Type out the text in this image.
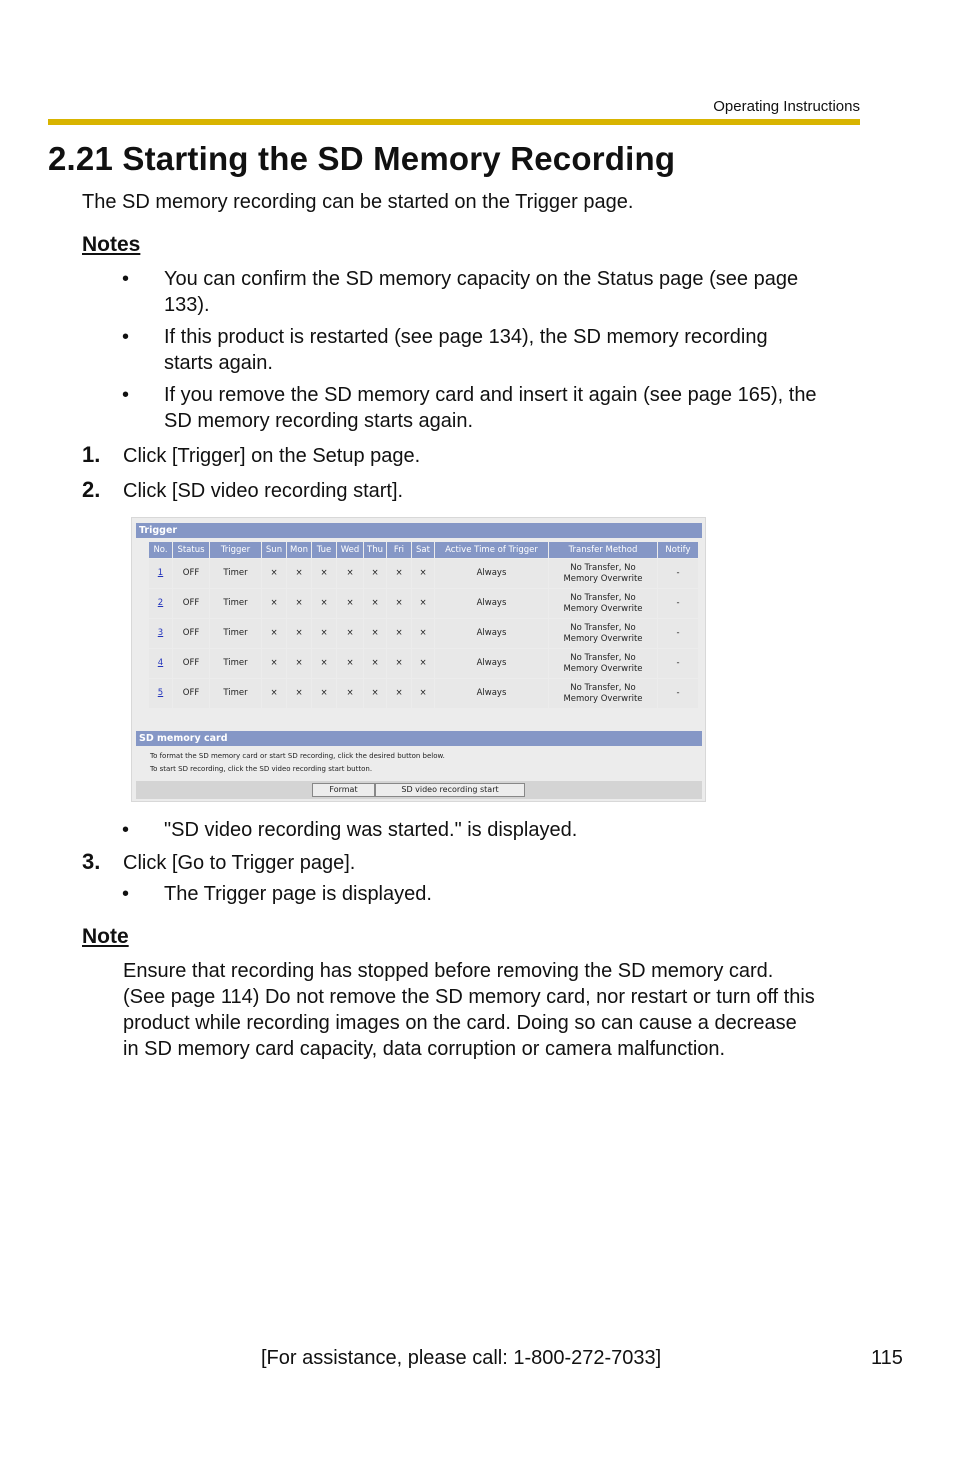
Operating Instructions
2.21 Starting the SD Memory Recording
The SD memory recording can be started on the Trigger page.
Notes
•	You can confirm the SD memory capacity on the Status page (see page
133).
•	If this product is restarted (see page 134), the SD memory recording
starts again.
•	If you remove the SD memory card and insert it again (see page 165), the
SD memory recording starts again.
1.	Click [Trigger] on the Setup page.
2.	Click [SD video recording start].
Trigger
No.	Status	Trigger	Sun	Mon	Tue	Wed	Thu	Fri	Sat	Active Time of Trigger	Transfer Method	Notify
1	OFF	Timer	×	×	×	×	×	×	×	Always	No Transfer, No
Memory Overwrite	-
2	OFF	Timer	×	×	×	×	×	×	×	Always	No Transfer, No
Memory Overwrite	-
3	OFF	Timer	×	×	×	×	×	×	×	Always	No Transfer, No
Memory Overwrite	-
4	OFF	Timer	×	×	×	×	×	×	×	Always	No Transfer, No
Memory Overwrite	-
5	OFF	Timer	×	×	×	×	×	×	×	Always	No Transfer, No
Memory Overwrite	-
SD memory card
To format the SD memory card or start SD recording, click the desired button below.
To start SD recording, click the SD video recording start button.
Format	SD video recording start
•	"SD video recording was started." is displayed.
3.	Click [Go to Trigger page].
•	The Trigger page is displayed.
Note
Ensure that recording has stopped before removing the SD memory card.
(See page 114) Do not remove the SD memory card, nor restart or turn off this
product while recording images on the card. Doing so can cause a decrease
in SD memory card capacity, data corruption or camera malfunction.
[For assistance, please call: 1-800-272-7033]	115
